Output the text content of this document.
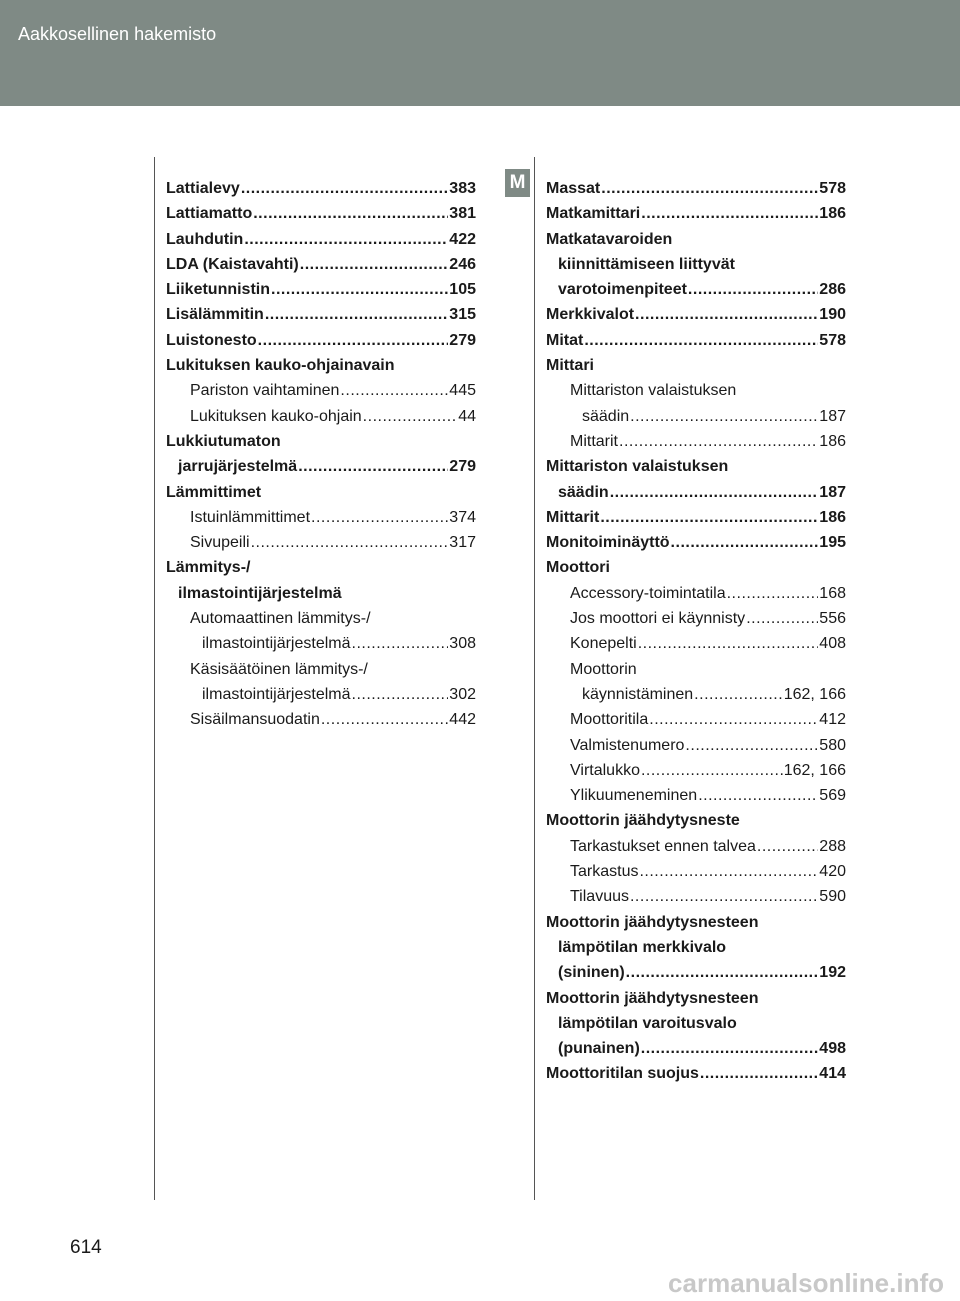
Aakkosellinen hakemisto
Lattialevy .....	383
Lattiamatto .....	381
Lauhdutin .....	422
LDA (Kaistavahti) .....	246
Liiketunnistin .....	105
Lisälämmitin .....	315
Luistonesto .....	279
Lukituksen kauko-ohjainavain
Pariston vaihtaminen .....	445
Lukituksen kauko-ohjain .....	44
Lukkiutumaton
jarrujärjestelmä .....	279
Lämmittimet
Istuinlämmittimet .....	374
Sivupeili .....	317
Lämmitys-/
ilmastointijärjestelmä
Automaattinen lämmitys-/
ilmastointijärjestelmä .....	308
Käsisäätöinen lämmitys-/
ilmastointijärjestelmä .....	302
Sisäilmansuodatin .....	442
M Massat .....	578
Matkamittari .....	186
Matkatavaroiden
kiinnittämiseen liittyvät
varotoimenpiteet .....	286
Merkkivalot .....	190
Mitat .....	578
Mittari
Mittariston valaistuksen
säädin .....	187
Mittarit .....	186
Mittariston valaistuksen
säädin .....	187
Mittarit .....	186
Monitoiminäyttö .....	195
Moottori
Accessory-toimintatila .....	168
Jos moottori ei käynnisty .....	556
Konepelti .....	408
Moottorin
käynnistäminen .....	162, 166
Moottoritila .....	412
Valmistenumero .....	580
Virtalukko .....	162, 166
Ylikuumeneminen .....	569
Moottorin jäähdytysneste
Tarkastukset ennen talvea .....	288
Tarkastus .....	420
Tilavuus .....	590
Moottorin jäähdytysnesteen
lämpötilan merkkivalo
(sininen) .....	192
Moottorin jäähdytysnesteen
lämpötilan varoitusvalo
(punainen) .....	498
Moottoritilan suojus .....	414
614
carmanualsonline.info
